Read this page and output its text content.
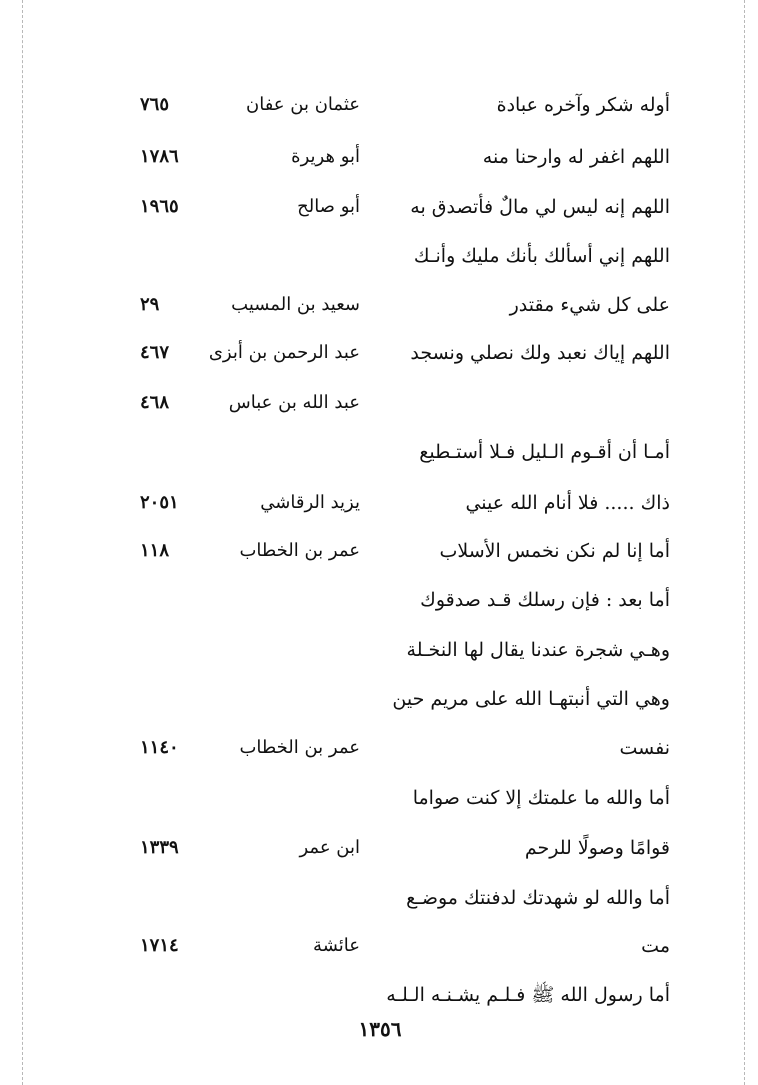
أوله شكر وآخره عبادة
عثمان بن عفان
٧٦٥
اللهم اغفر له وارحنا منه
أبو هريرة
١٧٨٦
اللهم إنه ليس لي مالٌ فأتصدق به
أبو صالح
١٩٦٥
اللهم إني أسألك بأنك مليك وأنـك
على كل شيء مقتدر
سعيد بن المسيب
٢٩
اللهم إياك نعبد ولك نصلي ونسجد
عبد الرحمن بن أبزى
٤٦٧
عبد الله بن عباس
٤٦٨
أمـا أن أقـوم الـليل فـلا أستـطيع
ذاك ..... فلا أنام الله عيني
يزيد الرقاشي
٢٠٥١
أما إنا لم نكن نخمس الأسلاب
عمر بن الخطاب
١١٨
أما بعد : فإن رسلك قـد صدقوك
وهـي شجرة عندنا يقال لها النخـلة
وهي التي أنبتهـا الله على مريم حين
نفست
عمر بن الخطاب
١١٤٠
أما والله ما علمتك إلا كنت صواما
قوامًا وصولًا للرحم
ابن عمر
١٣٣٩
أما والله لو شهدتك لدفنتك موضـع
مت
عائشة
١٧١٤
أما رسول الله ﷺ فـلـم يشـنـه الـلـه
١٣٥٦
